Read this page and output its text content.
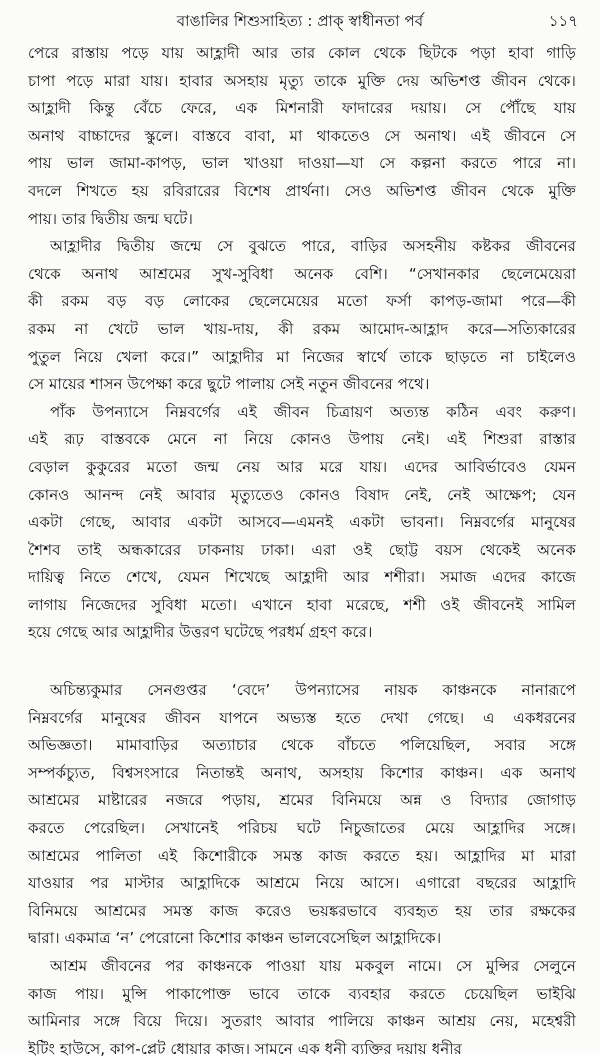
বাঙালির শিশুসাহিত্য : প্রাক্ স্বাধীনতা পর্ব	১১৭
পেরে রাস্তায় পড়ে যায় আহ্লাদী আর তার কোল থেকে ছিটকে পড়া হাবা গাড়ি
চাপা পড়ে মারা যায়। হাবার অসহায় মৃত্যু তাকে মুক্তি দেয় অভিশপ্ত জীবন থেকে।
আহ্লাদী কিন্তু বেঁচে ফেরে, এক মিশনারী ফাদারের দয়ায়। সে পৌঁছে যায়
অনাথ বাচ্চাদের স্কুলে। বাস্তবে বাবা, মা থাকতেও সে অনাথ। এই জীবনে সে
পায় ভাল জামা-কাপড়, ভাল খাওয়া দাওয়া—যা সে কল্পনা করতে পারে না।
বদলে শিখতে হয় রবিরারের বিশেষ প্রার্থনা। সেও অভিশপ্ত জীবন থেকে মুক্তি
পায়। তার দ্বিতীয় জন্ম ঘটে।
আহ্লাদীর দ্বিতীয় জন্মে সে বুঝতে পারে, বাড়ির অসহনীয় কষ্টকর জীবনের
থেকে অনাথ আশ্রমের সুখ-সুবিধা অনেক বেশি। “সেখানকার ছেলেমেয়েরা
কী রকম বড় বড় লোকের ছেলেমেয়ের মতো ফর্সা কাপড়-জামা পরে—কী
রকম না খেটে ভাল খায়-দায়, কী রকম আমোদ-আহ্লাদ করে—সত্যিকারের
পুতুল নিয়ে খেলা করে।” আহ্লাদীর মা নিজের স্বার্থে তাকে ছাড়তে না চাইলেও
সে মায়ের শাসন উপেক্ষা করে ছুটে পালায় সেই নতুন জীবনের পথে।
পাঁক উপন্যাসে নিম্নবর্গের এই জীবন চিত্রায়ণ অত্যন্ত কঠিন এবং করুণ।
এই রূঢ় বাস্তবকে মেনে না নিয়ে কোনও উপায় নেই। এই শিশুরা রাস্তার
বেড়াল কুকুরের মতো জন্ম নেয় আর মরে যায়। এদের আবির্ভাবেও যেমন
কোনও আনন্দ নেই আবার মৃত্যুতেও কোনও বিষাদ নেই, নেই আক্ষেপ; যেন
একটা গেছে, আবার একটা আসবে—এমনই একটা ভাবনা। নিম্নবর্গের মানুষের
শৈশব তাই অন্ধকারের ঢাকনায় ঢাকা। এরা ওই ছোট্ট বয়স থেকেই অনেক
দায়িত্ব নিতে শেখে, যেমন শিখেছে আহ্লাদী আর শশীরা। সমাজ এদের কাজে
লাগায় নিজেদের সুবিধা মতো। এখানে হাবা মরেছে, শশী ওই জীবনেই সামিল
হয়ে গেছে আর আহ্লাদীর উত্তরণ ঘটেছে পরধর্ম গ্রহণ করে।
অচিন্ত্যকুমার সেনগুপ্তর ‘বেদে’ উপন্যাসের নায়ক কাঞ্চনকে নানারূপে
নিম্নবর্গের মানুষের জীবন যাপনে অভ্যস্ত হতে দেখা গেছে। এ একধরনের
অভিজ্ঞতা। মামাবাড়ির অত্যাচার থেকে বাঁচতে পলিয়েছিল, সবার সঙ্গে
সম্পর্কচ্যুত, বিশ্বসংসারে নিতান্তই অনাথ, অসহায় কিশোর কাঞ্চন। এক অনাথ
আশ্রমের মাষ্টারের নজরে পড়ায়, শ্রমের বিনিময়ে অন্ন ও বিদ্যার জোগাড়
করতে পেরেছিল। সেখানেই পরিচয় ঘটে নিচুজাতের মেয়ে আহ্লাদির সঙ্গে।
আশ্রমের পালিতা এই কিশোরীকে সমস্ত কাজ করতে হয়। আহ্লাদির মা মারা
যাওয়ার পর মাস্টার আহ্লাদিকে আশ্রমে নিয়ে আসে। এগারো বছরের আহ্লাদি
বিনিময়ে আশ্রমের সমস্ত কাজ করেও ভয়ঙ্করভাবে ব্যবহৃত হয় তার রক্ষকের
দ্বারা। একমাত্র ‘ন’ পেরোনো কিশোর কাঞ্চন ভালবেসেছিল আহ্লাদিকে।
আশ্রম জীবনের পর কাঞ্চনকে পাওয়া যায় মকবুল নামে। সে মুন্সির সেলুনে
কাজ পায়। মুন্সি পাকাপোক্ত ভাবে তাকে ব্যবহার করতে চেয়েছিল ভাইঝি
আমিনার সঙ্গে বিয়ে দিয়ে। সুতরাং আবার পালিয়ে কাঞ্চন আশ্রয় নেয়, মহেশ্বরী
ইটিং হাউসে, কাপ-প্লেট ধোয়ার কাজ। সামনে এক ধনী ব্যক্তির দয়ায় ধনীর
